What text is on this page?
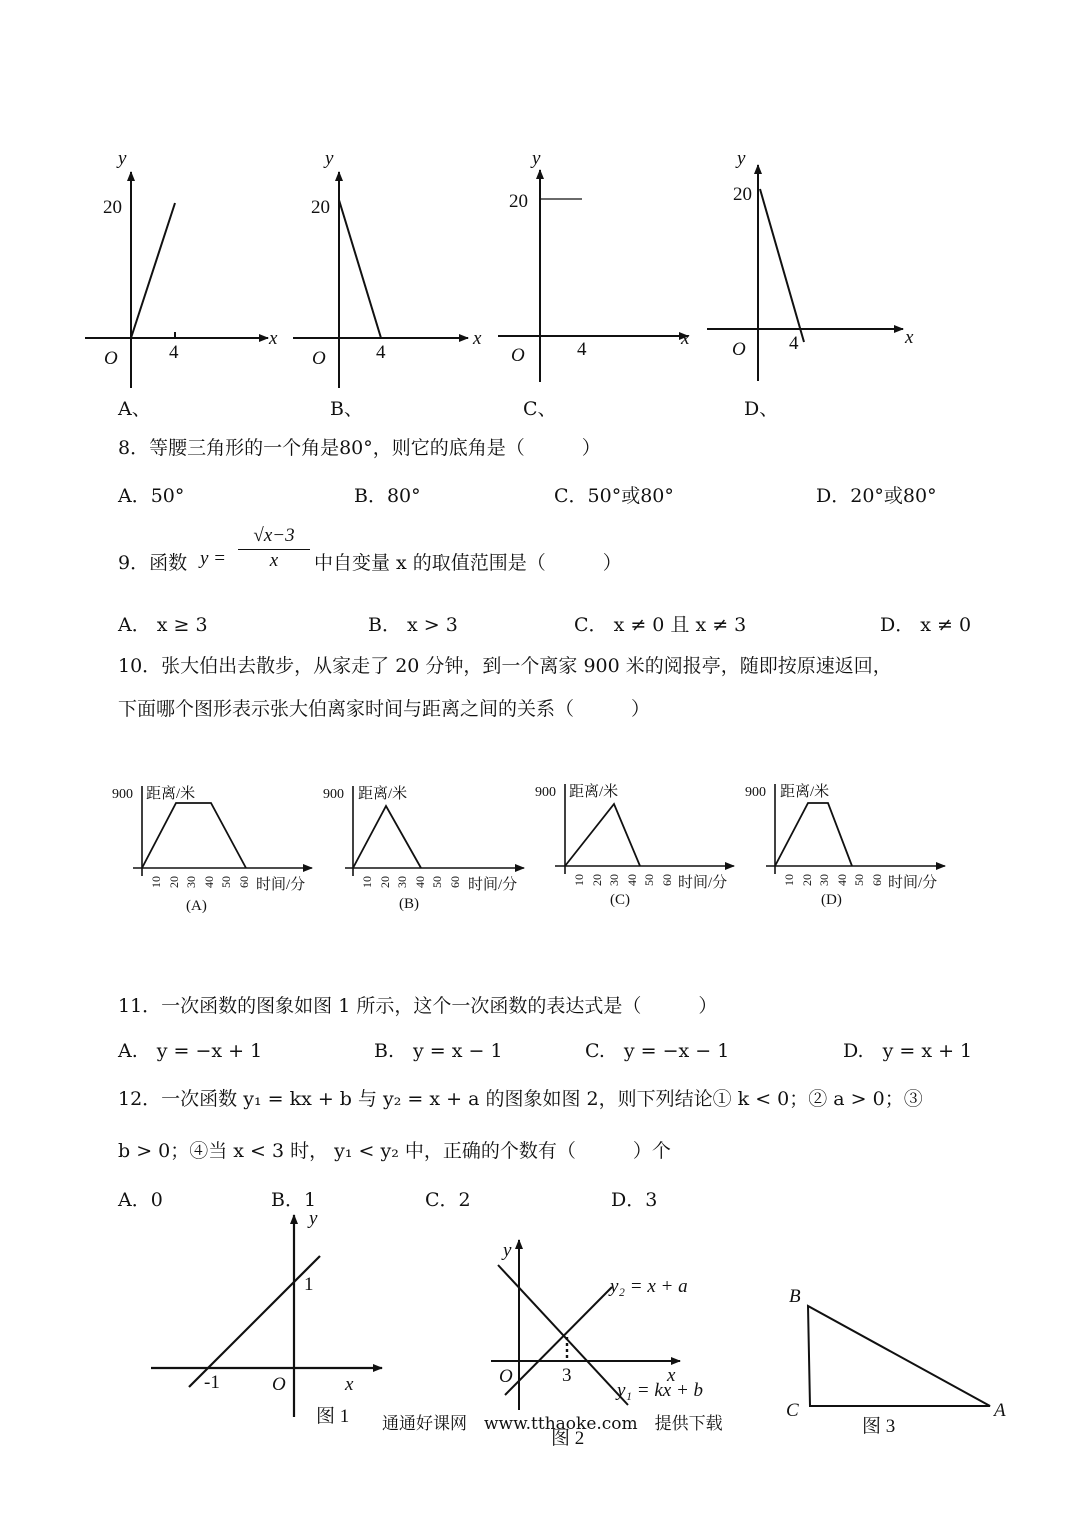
y
x
O
y
x
O
y
x
O
y
x
O
20
4
20
4
20
4
20
4
900 距离/米	900 距离/米	900 距离/米	900 距离/米
时间/分	时间/分	时间/分	时间/分
(A)	(B)	(C)	(D)
10 20 30 40 50 60	10 20 30 40 50 60	10 20 30 40 50 60	10 20 30 40 50 60
y
x
O
-1
1
图 1
y
x
O	3
y₂ = x + a
y₁ = kx + b
图 2
B
C	A
图 3
A、	B、	C、	D、
8．等腰三角形的一个角是80°，则它的底角是（　　　）
A．50°	B．80°	C．50°或80°	D．20°或80°
9．函数 $y = \frac{√x-3}{x}$ 中自变量 x 的取值范围是（　　　）
A． x ≥ 3	B． x > 3	C． x ≠ 0 且 x ≠ 3	D． x ≠ 0
10．张大伯出去散步，从家走了 20 分钟，到一个离家 900 米的阅报亭，随即按原速返回，
下面哪个图形表示张大伯离家时间与距离之间的关系（　　　）
11．一次函数的图象如图 1 所示，这个一次函数的表达式是（　　　）
A.　y = −x + 1	B.　y = x − 1	C.　y = −x − 1	D.　y = x + 1
12．一次函数 y₁ = kx + b 与 y₂ = x + a 的图象如图 2，则下列结论① k < 0；② a > 0；③
b > 0；④当 x < 3 时， y₁ < y₂ 中，正确的个数有（　　　）个
A．0	B．1	C．2	D．3
通通好课网　www.tthaoke.com　提供下载
